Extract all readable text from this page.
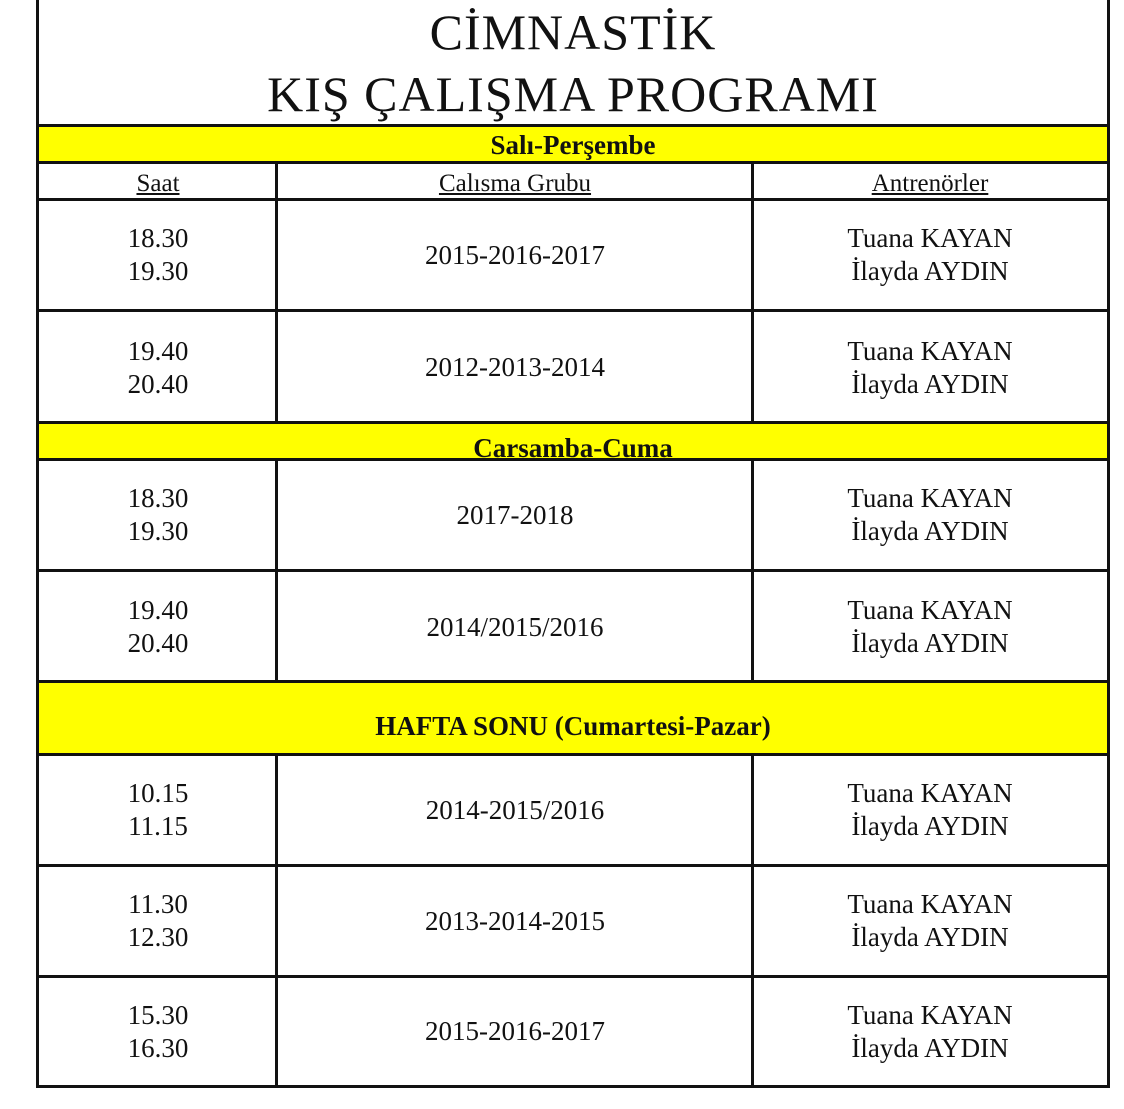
CİMNASTİK
KIŞ ÇALIŞMA PROGRAMI
Salı-Perşembe
Saat	Calısma Grubu	Antrenörler
18.30
19.30
2015-2016-2017
Tuana KAYAN
İlayda AYDIN
19.40
20.40
2012-2013-2014
Tuana KAYAN
İlayda AYDIN
Carsamba-Cuma
18.30
19.30
2017-2018
Tuana KAYAN
İlayda AYDIN
19.40
20.40
2014/2015/2016
Tuana KAYAN
İlayda AYDIN
HAFTA SONU (Cumartesi-Pazar)
10.15
11.15
2014-2015/2016
Tuana KAYAN
İlayda AYDIN
11.30
12.30
2013-2014-2015
Tuana KAYAN
İlayda AYDIN
15.30
16.30
2015-2016-2017
Tuana KAYAN
İlayda AYDIN
